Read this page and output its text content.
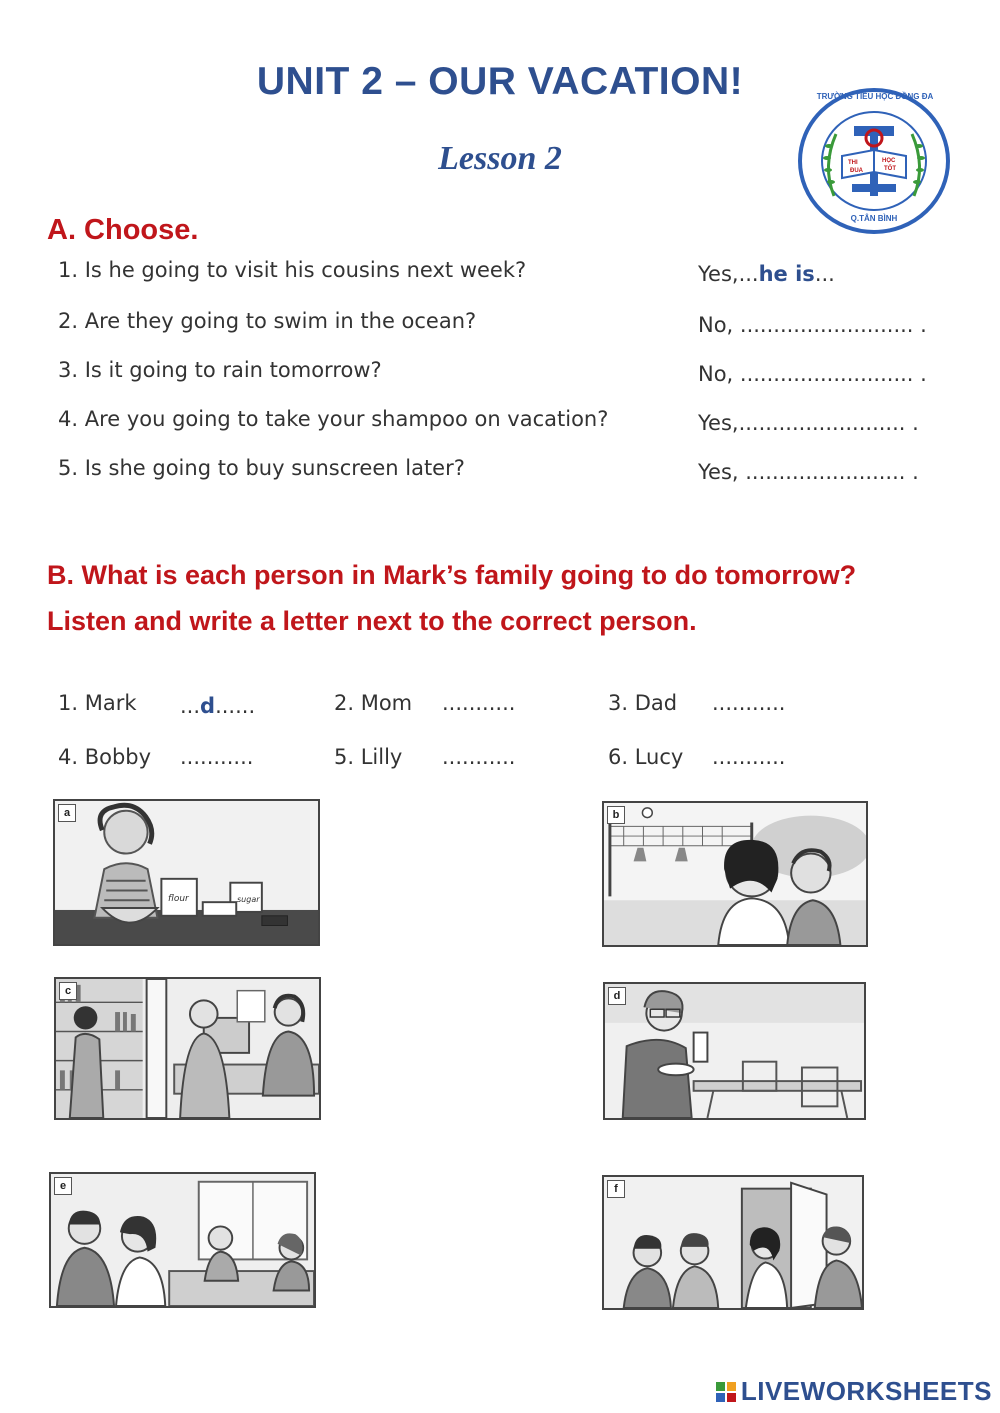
UNIT 2 – OUR VACATION!
Lesson 2
TRƯỜNG TIỂU HỌC ĐỒNG ĐA
Q.TÂN BÌNH
THI	HỌC
ĐUA	TỐT
A. Choose.
1. Is he going to visit his cousins next week?	Yes,...he is...
2. Are they going to swim in the ocean?	No, .......................... .
3. Is it going to rain tomorrow?	No, .......................... .
4. Are you going to take your shampoo on vacation?	Yes,......................... .
5. Is she going to buy sunscreen later?	Yes, ........................ .
B. What is each person in Mark’s family going to do tomorrow?
Listen and write a letter next to the correct person.
1. Mark ...d......	2. Mom ...........	3. Dad ...........
4. Bobby ...........	5. Lilly ...........	6. Lucy ...........
a
flour	sugar
b
c	d
e	f
LIVEWORKSHEETS
